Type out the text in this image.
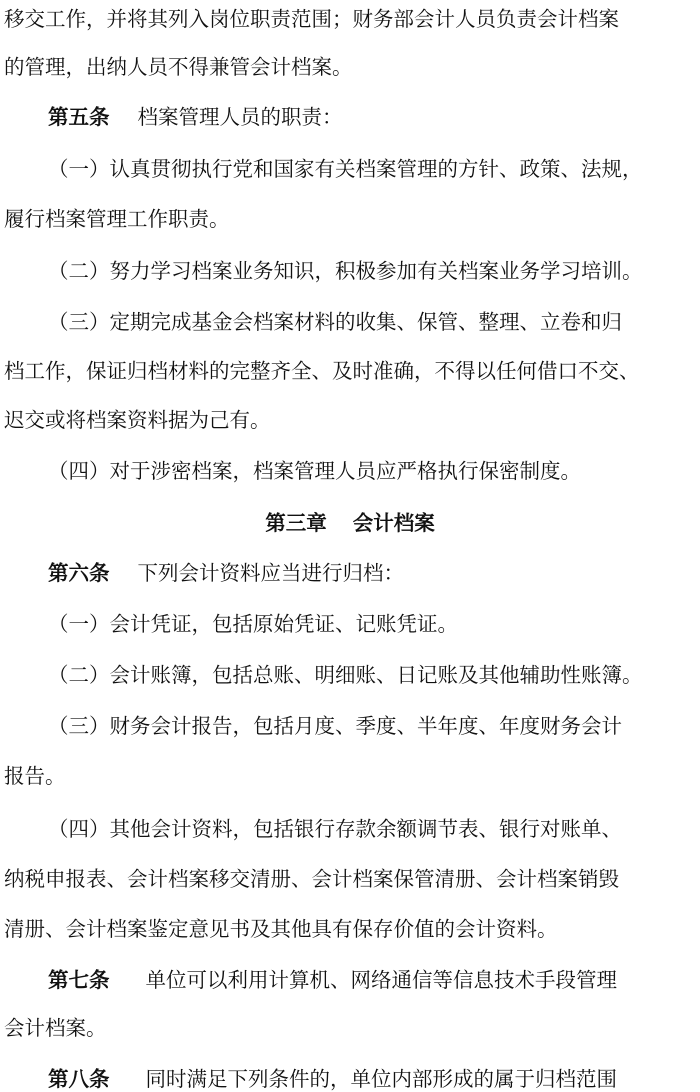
移交工作，并将其列入岗位职责范围；财务部会计人员负责会计档案
的管理，出纳人员不得兼管会计档案。
第五条 档案管理人员的职责：
（一）认真贯彻执行党和国家有关档案管理的方针、政策、法规，
履行档案管理工作职责。
（二）努力学习档案业务知识，积极参加有关档案业务学习培训。
（三）定期完成基金会档案材料的收集、保管、整理、立卷和归
档工作，保证归档材料的完整齐全、及时准确，不得以任何借口不交、
迟交或将档案资料据为己有。
（四）对于涉密档案，档案管理人员应严格执行保密制度。
第三章 会计档案
第六条 下列会计资料应当进行归档：
（一）会计凭证，包括原始凭证、记账凭证。
（二）会计账簿，包括总账、明细账、日记账及其他辅助性账簿。
（三）财务会计报告，包括月度、季度、半年度、年度财务会计
报告。
（四）其他会计资料，包括银行存款余额调节表、银行对账单、
纳税申报表、会计档案移交清册、会计档案保管清册、会计档案销毁
清册、会计档案鉴定意见书及其他具有保存价值的会计资料。
第七条 单位可以利用计算机、网络通信等信息技术手段管理
会计档案。
第八条 同时满足下列条件的，单位内部形成的属于归档范围
